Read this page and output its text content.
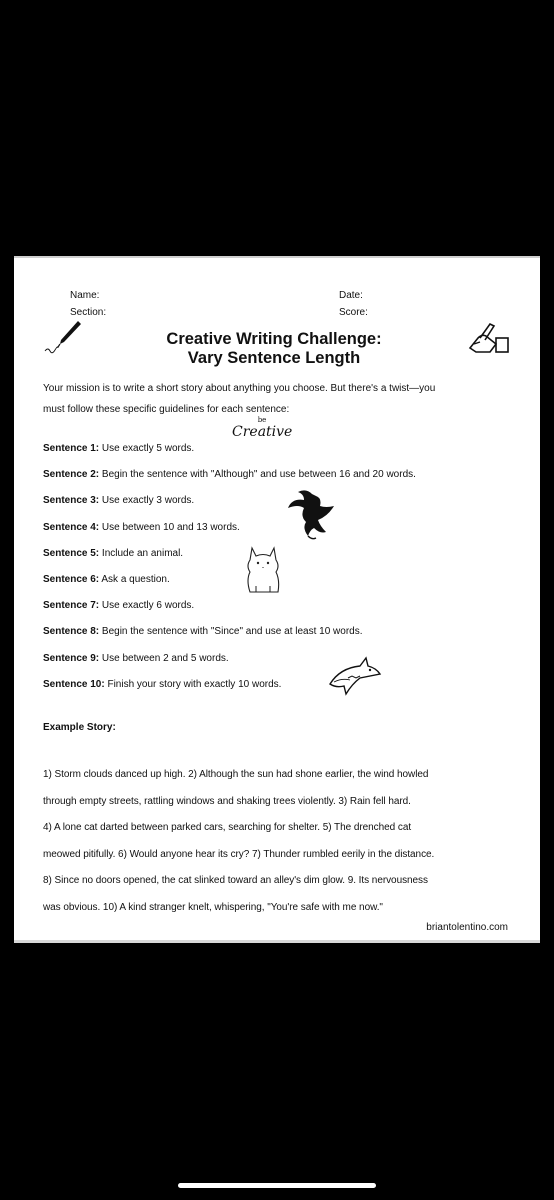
Name:	Date:
Section:	Score:
Creative Writing Challenge:
Vary Sentence Length
Your mission is to write a short story about anything you choose. But there's a twist—you
must follow these specific guidelines for each sentence:
Sentence 1: Use exactly 5 words.
Sentence 2: Begin the sentence with "Although" and use between 16 and 20 words.
Sentence 3: Use exactly 3 words.
Sentence 4: Use between 10 and 13 words.
Sentence 5: Include an animal.
Sentence 6: Ask a question.
Sentence 7: Use exactly 6 words.
Sentence 8: Begin the sentence with "Since" and use at least 10 words.
Sentence 9: Use between 2 and 5 words.
Sentence 10: Finish your story with exactly 10 words.
be
Creative
Example Story:
1) Storm clouds danced up high. 2) Although the sun had shone earlier, the wind howled
through empty streets, rattling windows and shaking trees violently. 3) Rain fell hard.
4) A lone cat darted between parked cars, searching for shelter. 5) The drenched cat
meowed pitifully. 6) Would anyone hear its cry? 7) Thunder rumbled eerily in the distance.
8) Since no doors opened, the cat slinked toward an alley's dim glow. 9. Its nervousness
was obvious. 10) A kind stranger knelt, whispering, "You're safe with me now."
briantolentino.com
